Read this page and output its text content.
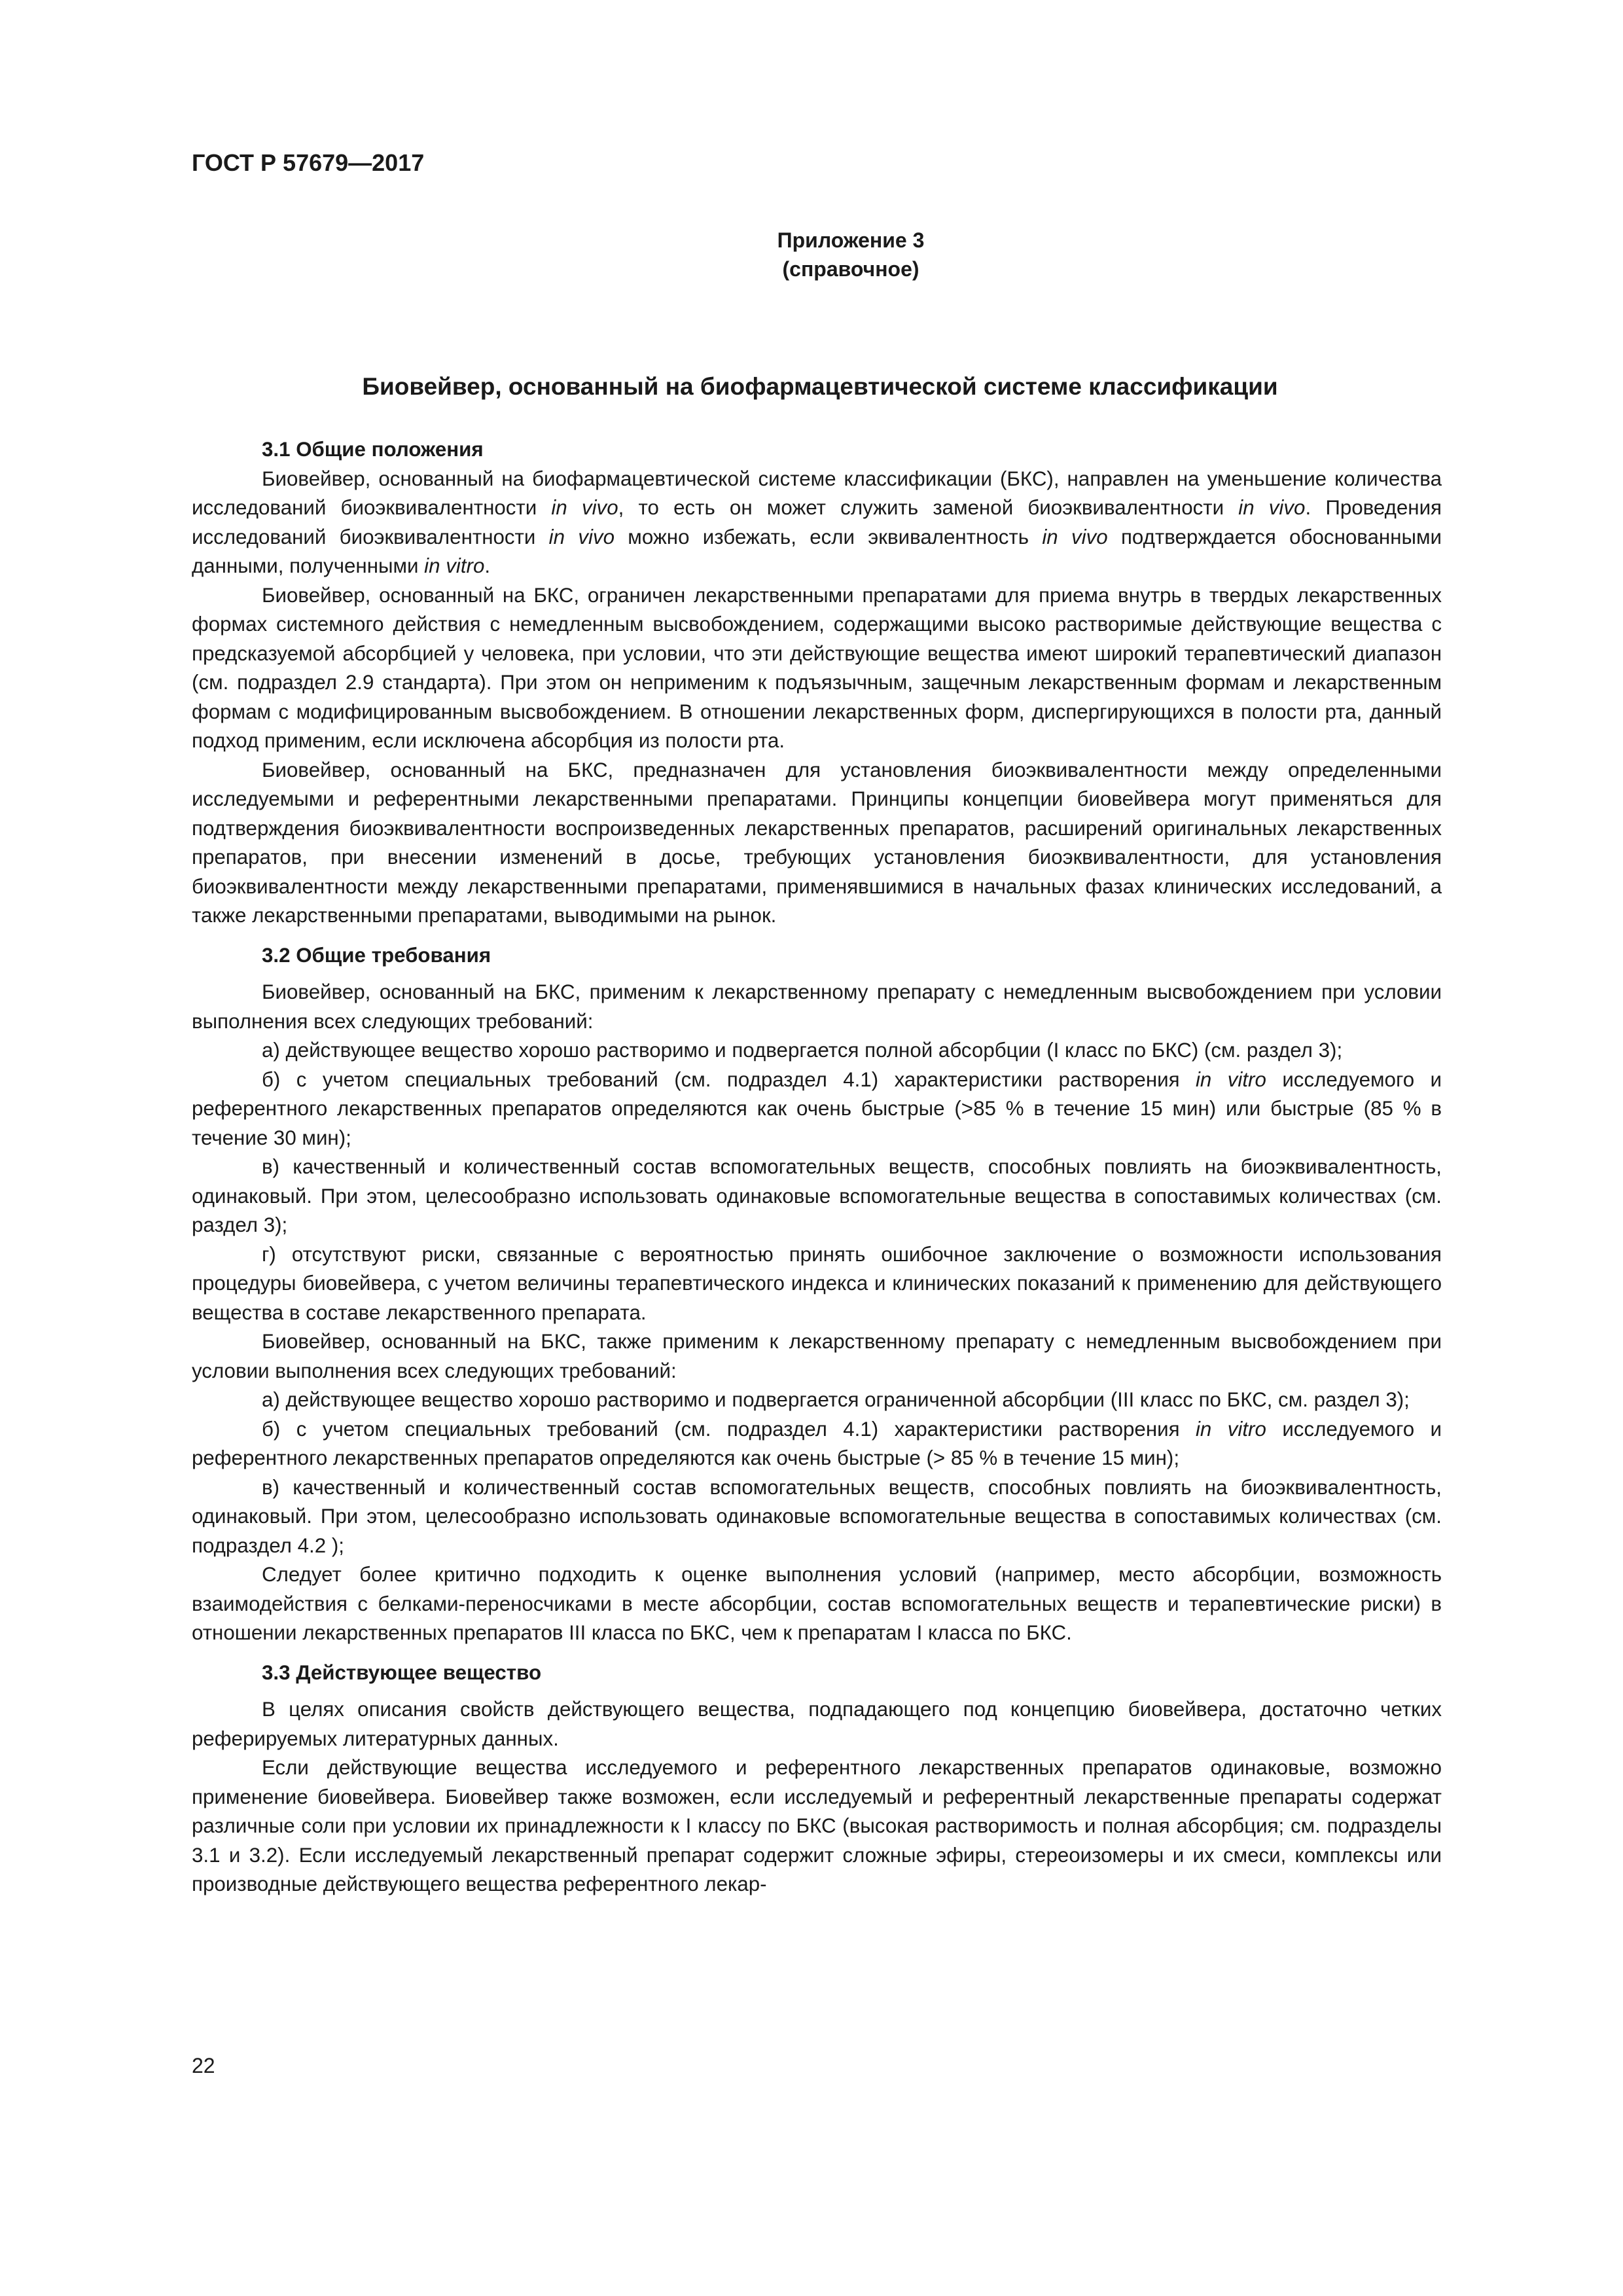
ГОСТ Р 57679—2017
Приложение 3
(справочное)
Биовейвер, основанный на биофармацевтической системе классификации
3.1 Общие положения

Биовейвер, основанный на биофармацевтической системе классификации (БКС), направлен на уменьшение количества исследований биоэквивалентности in vivo, то есть он может служить заменой биоэквивалентности in vivo. Проведения исследований биоэквивалентности in vivo можно избежать, если эквивалентность in vivo подтверждается обоснованными данными, полученными in vitro.

Биовейвер, основанный на БКС, ограничен лекарственными препаратами для приема внутрь в твердых лекарственных формах системного действия с немедленным высвобождением, содержащими высоко растворимые действующие вещества с предсказуемой абсорбцией у человека, при условии, что эти действующие вещества имеют широкий терапевтический диапазон (см. подраздел 2.9 стандарта). При этом он неприменим к подъязычным, защечным лекарственным формам и лекарственным формам с модифицированным высвобождением. В отношении лекарственных форм, диспергирующихся в полости рта, данный подход применим, если исключена абсорбция из полости рта.

Биовейвер, основанный на БКС, предназначен для установления биоэквивалентности между определенными исследуемыми и референтными лекарственными препаратами. Принципы концепции биовейвера могут применяться для подтверждения биоэквивалентности воспроизведенных лекарственных препаратов, расширений оригинальных лекарственных препаратов, при внесении изменений в досье, требующих установления биоэквивалентности, для установления биоэквивалентности между лекарственными препаратами, применявшимися в начальных фазах клинических исследований, а также лекарственными препаратами, выводимыми на рынок.

3.2 Общие требования

Биовейвер, основанный на БКС, применим к лекарственному препарату с немедленным высвобождением при условии выполнения всех следующих требований:

а) действующее вещество хорошо растворимо и подвергается полной абсорбции (I класс по БКС) (см. раздел 3);

б) с учетом специальных требований (см. подраздел 4.1) характеристики растворения in vitro исследуемого и референтного лекарственных препаратов определяются как очень быстрые (>85 % в течение 15 мин) или быстрые (85 % в течение 30 мин);

в) качественный и количественный состав вспомогательных веществ, способных повлиять на биоэквивалентность, одинаковый. При этом, целесообразно использовать одинаковые вспомогательные вещества в сопоставимых количествах (см. раздел 3);

г) отсутствуют риски, связанные с вероятностью принять ошибочное заключение о возможности использования процедуры биовейвера, с учетом величины терапевтического индекса и клинических показаний к применению для действующего вещества в составе лекарственного препарата.

Биовейвер, основанный на БКС, также применим к лекарственному препарату с немедленным высвобождением при условии выполнения всех следующих требований:

а) действующее вещество хорошо растворимо и подвергается ограниченной абсорбции (III класс по БКС, см. раздел 3);

б) с учетом специальных требований (см. подраздел 4.1) характеристики растворения in vitro исследуемого и референтного лекарственных препаратов определяются как очень быстрые (> 85 % в течение 15 мин);

в) качественный и количественный состав вспомогательных веществ, способных повлиять на биоэквивалентность, одинаковый. При этом, целесообразно использовать одинаковые вспомогательные вещества в сопоставимых количествах (см. подраздел 4.2 );

Следует более критично подходить к оценке выполнения условий (например, место абсорбции, возможность взаимодействия с белками-переносчиками в месте абсорбции, состав вспомогательных веществ и терапевтические риски) в отношении лекарственных препаратов III класса по БКС, чем к препаратам I класса по БКС.

3.3 Действующее вещество

В целях описания свойств действующего вещества, подпадающего под концепцию биовейвера, достаточно четких реферируемых литературных данных.

Если действующие вещества исследуемого и референтного лекарственных препаратов одинаковые, возможно применение биовейвера. Биовейвер также возможен, если исследуемый и референтный лекарственные препараты содержат различные соли при условии их принадлежности к I классу по БКС (высокая растворимость и полная абсорбция; см. подразделы 3.1 и 3.2). Если исследуемый лекарственный препарат содержит сложные эфиры, стереоизомеры и их смеси, комплексы или производные действующего вещества референтного лекар-

22
